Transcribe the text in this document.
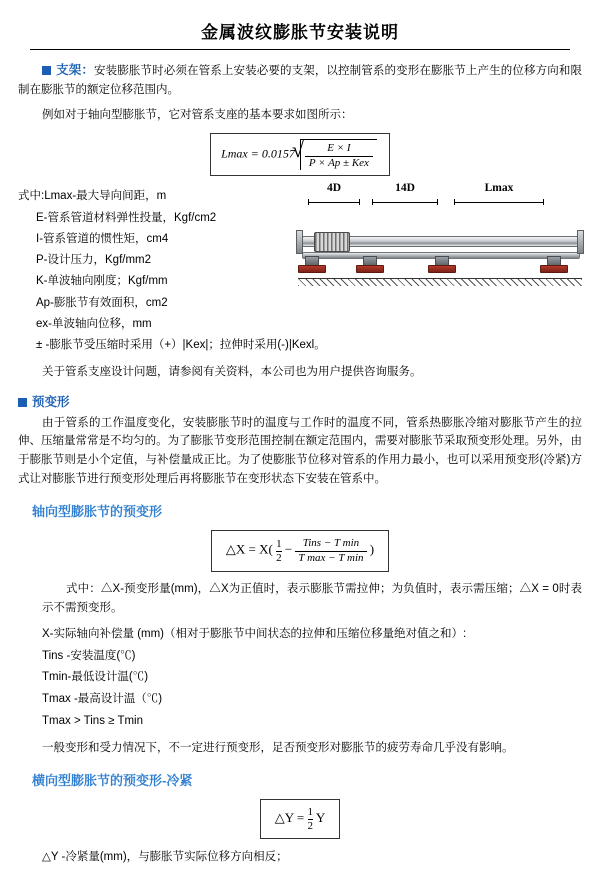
金属波纹膨胀节安装说明
支架：安装膨胀节时必须在管系上安装必要的支架，以控制管系的变形在膨胀节上产生的位移方向和限制在膨胀节的额定位移范围内。
例如对于轴向型膨胀节，它对管系支座的基本要求如图所示：
Lmax = 0.0157 √ $\frac{E \times I}{\text{P × Ap ± Kex}}$
式中:Lmax-最大导向间距，m
E-管系管道材料弹性投量，Kgf/cm2
I-管系管道的惯性矩，cm4
P-设计压力，Kgf/mm2
K-单波轴向刚度；Kgf/mm
Ap-膨胀节有效面积，cm2
ex-单波轴向位移，mm
± -膨胀节受压缩时采用（+）|Kex|；拉伸时采用(-)|Kexl。
4D	14D	Lmax
关于管系支座设计问题，请参阅有关资料，本公司也为用户提供咨询服务。
预变形
由于管系的工作温度变化，安装膨胀节时的温度与工作时的温度不同，管系热膨胀冷缩对膨胀节产生的拉伸、压缩量常常是不均匀的。为了膨胀节变形范围控制在额定范围内，需要对膨胀节采取预变形处理。另外，由于膨胀节则是小个定值，与补偿量成正比。为了使膨胀节位移对管系的作用力最小，也可以采用预变形(冷紧)方式让对膨胀节进行预变形处理后再将膨胀节在变形状态下安装在管系中。
轴向型膨胀节的预变形
△X = $X( \frac{1}{2} - \frac{\text{Tins − T min}}{\text{T max − T min}}$ )
式中：△X-预变形量(mm)，△X为正值时，表示膨胀节需拉伸；为负值时，表示需压缩；△X = 0时表示不需预变形。
X-实际轴向补偿量 (mm)（相对于膨胀节中间状态的拉伸和压缩位移量绝对值之和）:
Tins -安装温度(℃)
Tmin-最低设计温(℃)
Tmax -最高设计温（℃)
Tmax > Tins ≥ Tmin
一般变形和受力情况下，不一定进行预变形，足否预变形对膨胀节的疲劳寿命几乎没有影响。
横向型膨胀节的预变形-冷紧
△Y = $\frac{1}{2}$ Y
△Y -冷紧量(mm)，与膨胀节实际位移方向相反；
